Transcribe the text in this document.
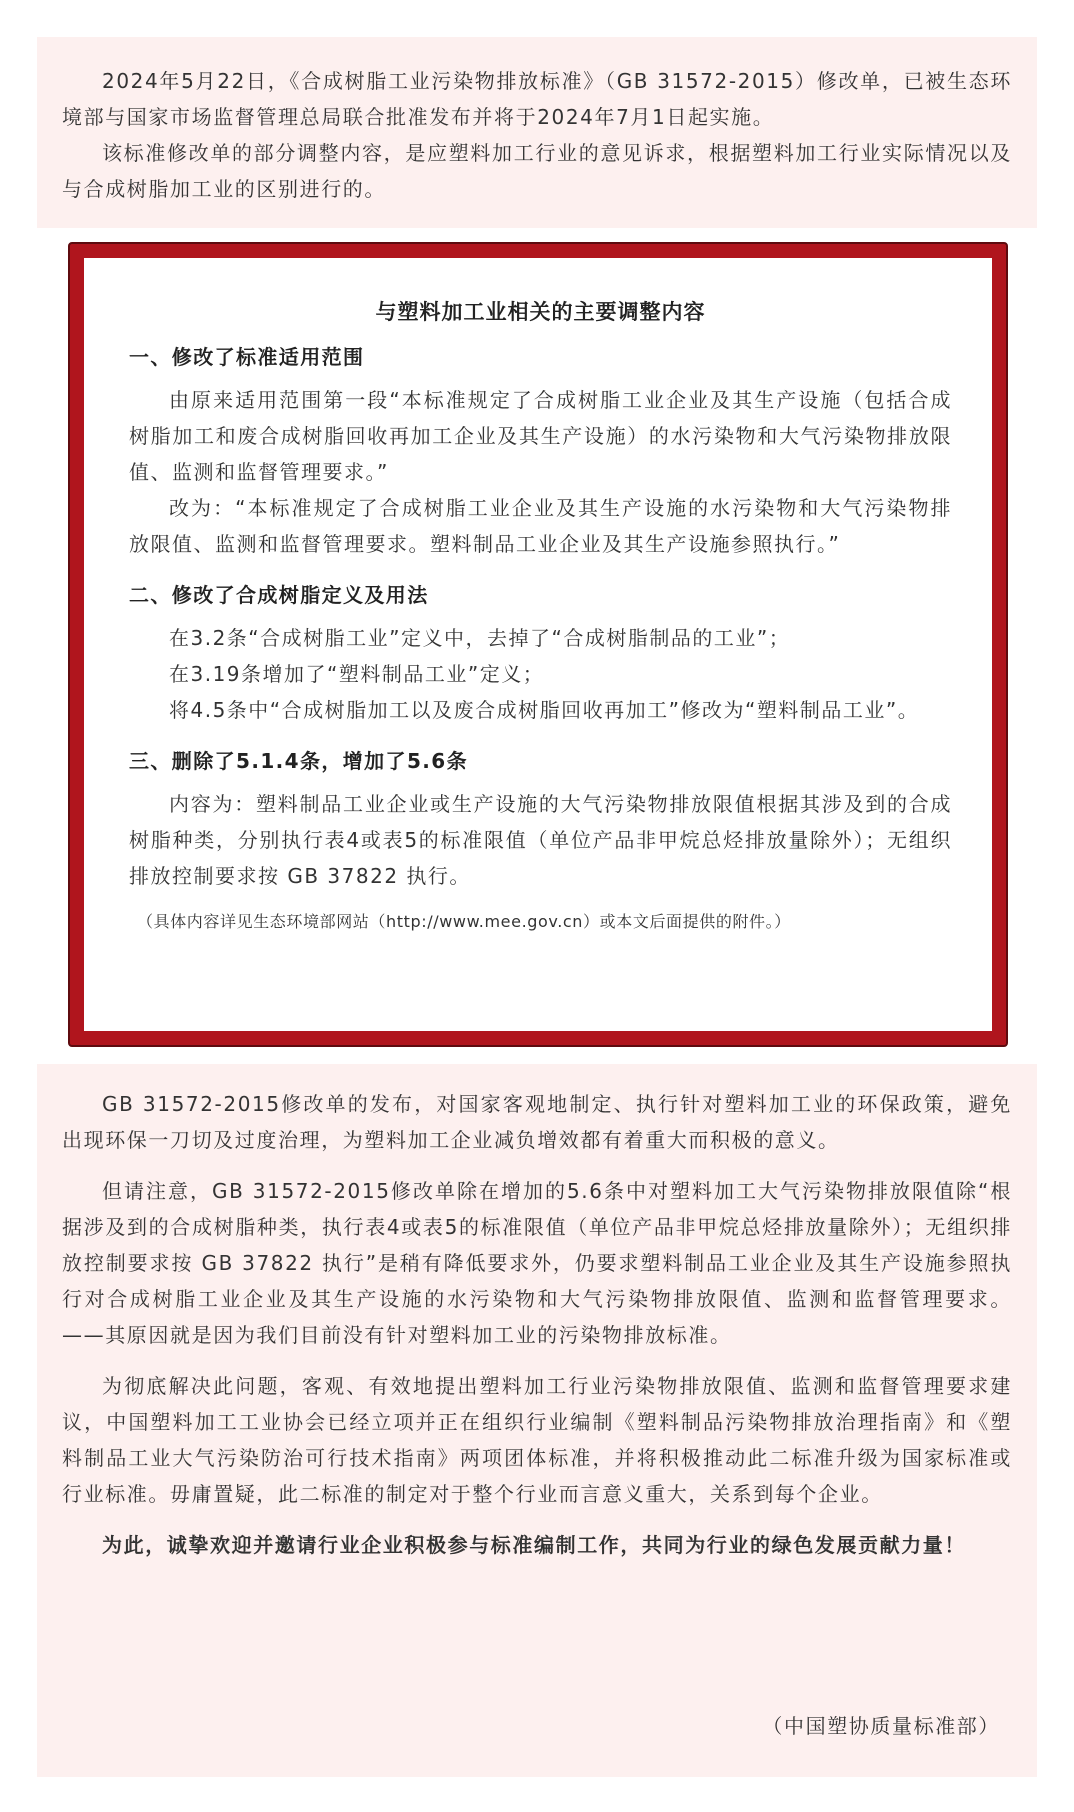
2024年5月22日，《合成树脂工业污染物排放标准》（GB 31572-2015）修改单，已被生态环境部与国家市场监督管理总局联合批准发布并将于2024年7月1日起实施。

该标准修改单的部分调整内容，是应塑料加工行业的意见诉求，根据塑料加工行业实际情况以及与合成树脂加工业的区别进行的。

与塑料加工业相关的主要调整内容
一、修改了标准适用范围

由原来适用范围第一段“本标准规定了合成树脂工业企业及其生产设施（包括合成树脂加工和废合成树脂回收再加工企业及其生产设施）的水污染物和大气污染物排放限值、监测和监督管理要求。”

改为：“本标准规定了合成树脂工业企业及其生产设施的水污染物和大气污染物排放限值、监测和监督管理要求。塑料制品工业企业及其生产设施参照执行。”

二、修改了合成树脂定义及用法

在3.2条“合成树脂工业”定义中，去掉了“合成树脂制品的工业”；

在3.19条增加了“塑料制品工业”定义；

将4.5条中“合成树脂加工以及废合成树脂回收再加工”修改为“塑料制品工业”。

三、删除了5.1.4条，增加了5.6条

内容为：塑料制品工业企业或生产设施的大气污染物排放限值根据其涉及到的合成树脂种类，分别执行表4或表5的标准限值（单位产品非甲烷总烃排放量除外）；无组织排放控制要求按 GB 37822 执行。

（具体内容详见生态环境部网站（http://www.mee.gov.cn）或本文后面提供的附件。）

GB 31572-2015修改单的发布，对国家客观地制定、执行针对塑料加工业的环保政策，避免出现环保一刀切及过度治理，为塑料加工企业减负增效都有着重大而积极的意义。

但请注意，GB 31572-2015修改单除在增加的5.6条中对塑料加工大气污染物排放限值除“根据涉及到的合成树脂种类，执行表4或表5的标准限值（单位产品非甲烷总烃排放量除外）；无组织排放控制要求按 GB 37822 执行”是稍有降低要求外，仍要求塑料制品工业企业及其生产设施参照执行对合成树脂工业企业及其生产设施的水污染物和大气污染物排放限值、监测和监督管理要求。——其原因就是因为我们目前没有针对塑料加工业的污染物排放标准。

为彻底解决此问题，客观、有效地提出塑料加工行业污染物排放限值、监测和监督管理要求建议，中国塑料加工工业协会已经立项并正在组织行业编制《塑料制品污染物排放治理指南》和《塑料制品工业大气污染防治可行技术指南》两项团体标准，并将积极推动此二标准升级为国家标准或行业标准。毋庸置疑，此二标准的制定对于整个行业而言意义重大，关系到每个企业。

为此，诚挚欢迎并邀请行业企业积极参与标准编制工作，共同为行业的绿色发展贡献力量！

（中国塑协质量标准部）
